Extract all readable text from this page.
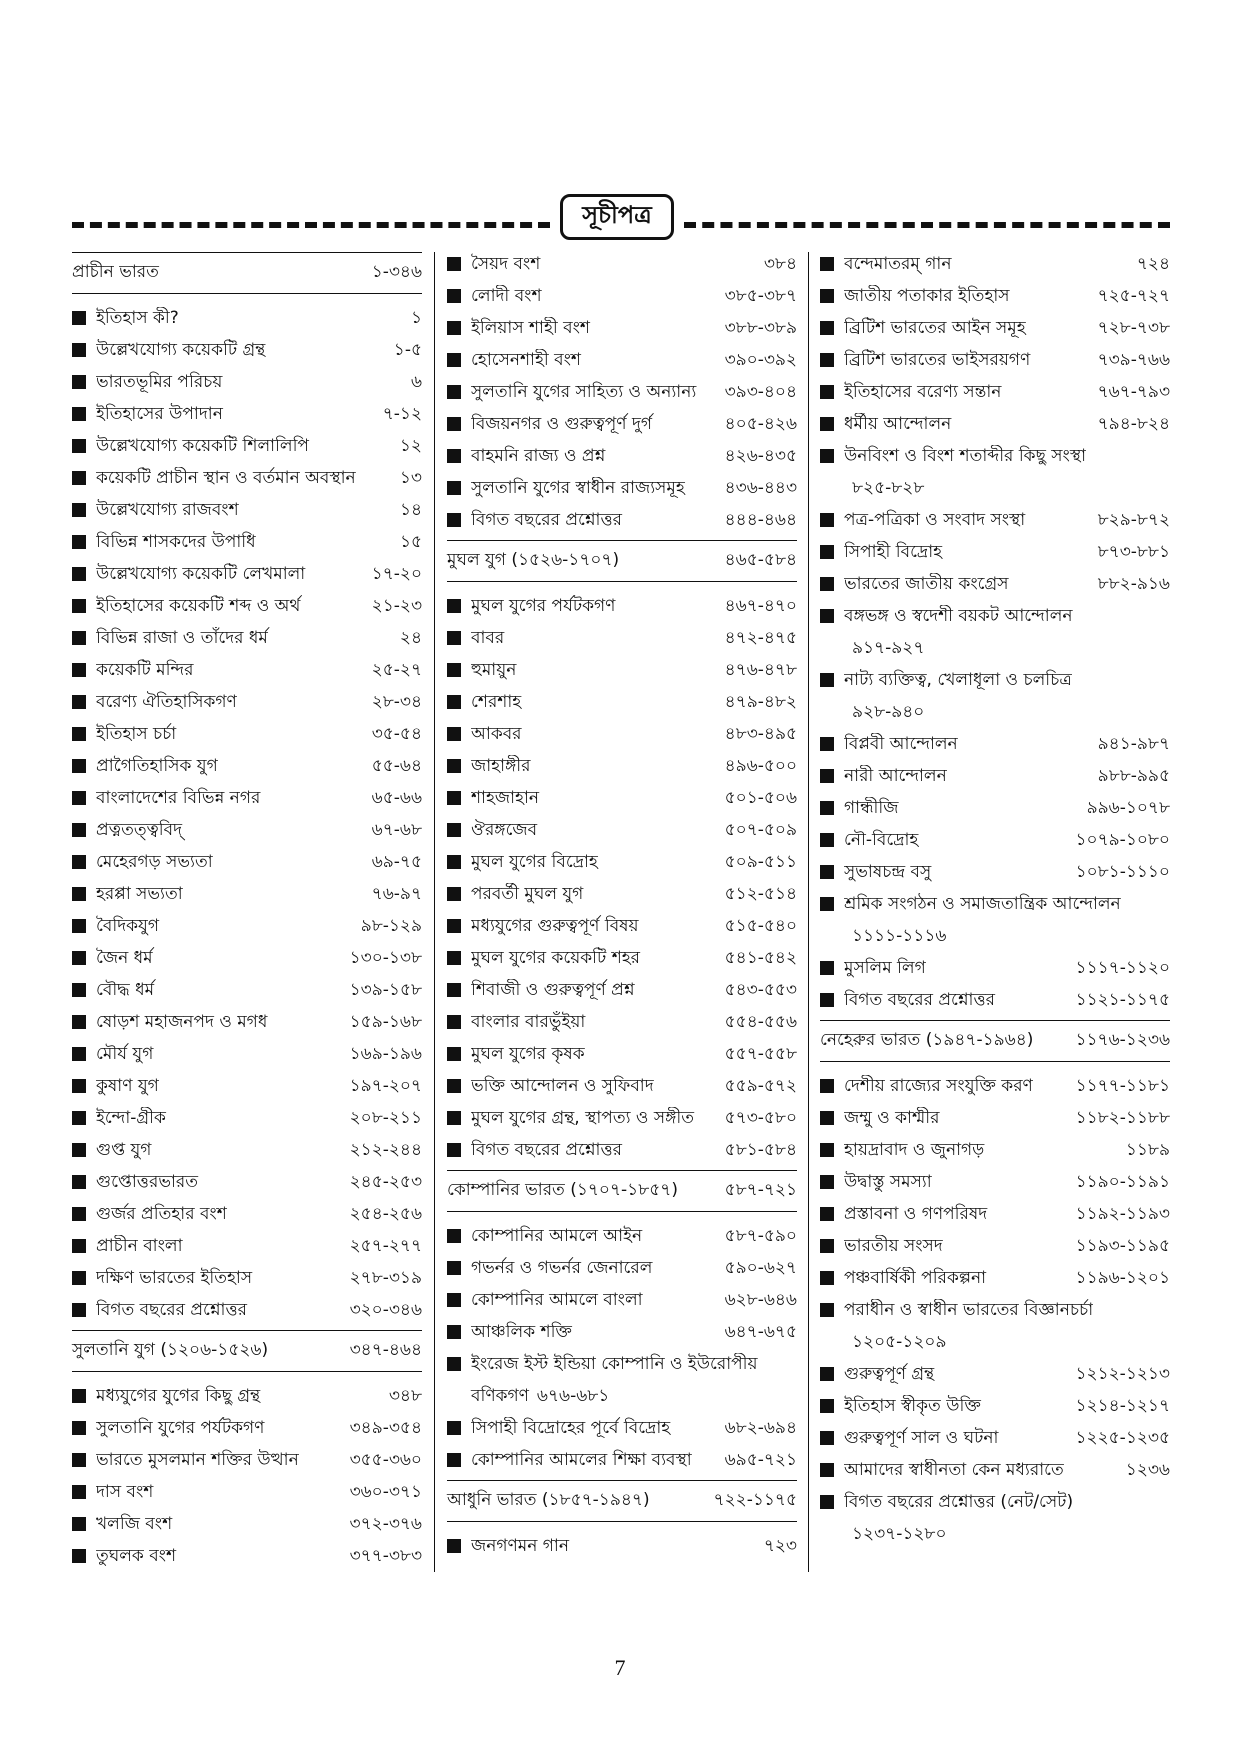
সূচীপত্র
প্রাচীন ভারত	১-৩৪৬
ইতিহাস কী?	১
উল্লেখযোগ্য কয়েকটি গ্রন্থ	১-৫
ভারতভূমির পরিচয়	৬
ইতিহাসের উপাদান	৭-১২
উল্লেখযোগ্য কয়েকটি শিলালিপি	১২
কয়েকটি প্রাচীন স্থান ও বর্তমান অবস্থান	১৩
উল্লেখযোগ্য রাজবংশ	১৪
বিভিন্ন শাসকদের উপাধি	১৫
উল্লেখযোগ্য কয়েকটি লেখমালা	১৭-২০
ইতিহাসের কয়েকটি শব্দ ও অর্থ	২১-২৩
বিভিন্ন রাজা ও তাঁদের ধর্ম	২৪
কয়েকটি মন্দির	২৫-২৭
বরেণ্য ঐতিহাসিকগণ	২৮-৩৪
ইতিহাস চর্চা	৩৫-৫৪
প্রাগৈতিহাসিক যুগ	৫৫-৬৪
বাংলাদেশের বিভিন্ন নগর	৬৫-৬৬
প্রত্নতত্ত্ববিদ্	৬৭-৬৮
মেহেরগড় সভ্যতা	৬৯-৭৫
হরপ্পা সভ্যতা	৭৬-৯৭
বৈদিকযুগ	৯৮-১২৯
জৈন ধর্ম	১৩০-১৩৮
বৌদ্ধ ধর্ম	১৩৯-১৫৮
ষোড়শ মহাজনপদ ও মগধ	১৫৯-১৬৮
মৌর্য যুগ	১৬৯-১৯৬
কুষাণ যুগ	১৯৭-২০৭
ইন্দো-গ্রীক	২০৮-২১১
গুপ্ত যুগ	২১২-২৪৪
গুপ্তোত্তরভারত	২৪৫-২৫৩
গুর্জর প্রতিহার বংশ	২৫৪-২৫৬
প্রাচীন বাংলা	২৫৭-২৭৭
দক্ষিণ ভারতের ইতিহাস	২৭৮-৩১৯
বিগত বছরের প্রশ্নোত্তর	৩২০-৩৪৬
সুলতানি যুগ (১২০৬-১৫২৬)	৩৪৭-৪৬৪
মধ্যযুগের যুগের কিছু গ্রন্থ	৩৪৮
সুলতানি যুগের পর্যটকগণ	৩৪৯-৩৫৪
ভারতে মুসলমান শক্তির উত্থান	৩৫৫-৩৬০
দাস বংশ	৩৬০-৩৭১
খলজি বংশ	৩৭২-৩৭৬
তুঘলক বংশ	৩৭৭-৩৮৩
সৈয়দ বংশ	৩৮৪
লোদী বংশ	৩৮৫-৩৮৭
ইলিয়াস শাহী বংশ	৩৮৮-৩৮৯
হোসেনশাহী বংশ	৩৯০-৩৯২
সুলতানি যুগের সাহিত্য ও অন্যান্য	৩৯৩-৪০৪
বিজয়নগর ও গুরুত্বপূর্ণ দুর্গ	৪০৫-৪২৬
বাহমনি রাজ্য ও প্রশ্ন	৪২৬-৪৩৫
সুলতানি যুগের স্বাধীন রাজ্যসমূহ	৪৩৬-৪৪৩
বিগত বছরের প্রশ্নোত্তর	৪৪৪-৪৬৪
মুঘল যুগ (১৫২৬-১৭০৭)	৪৬৫-৫৮৪
মুঘল যুগের পর্যটকগণ	৪৬৭-৪৭০
বাবর	৪৭২-৪৭৫
হুমায়ুন	৪৭৬-৪৭৮
শেরশাহ	৪৭৯-৪৮২
আকবর	৪৮৩-৪৯৫
জাহাঙ্গীর	৪৯৬-৫০০
শাহজাহান	৫০১-৫০৬
ঔরঙ্গজেব	৫০৭-৫০৯
মুঘল যুগের বিদ্রোহ	৫০৯-৫১১
পরবর্তী মুঘল যুগ	৫১২-৫১৪
মধ্যযুগের গুরুত্বপূর্ণ বিষয়	৫১৫-৫৪০
মুঘল যুগের কয়েকটি শহর	৫৪১-৫৪২
শিবাজী ও গুরুত্বপূর্ণ প্রশ্ন	৫৪৩-৫৫৩
বাংলার বারভুঁইয়া	৫৫৪-৫৫৬
মুঘল যুগের কৃষক	৫৫৭-৫৫৮
ভক্তি আন্দোলন ও সুফিবাদ	৫৫৯-৫৭২
মুঘল যুগের গ্রন্থ, স্থাপত্য ও সঙ্গীত	৫৭৩-৫৮০
বিগত বছরের প্রশ্নোত্তর	৫৮১-৫৮৪
কোম্পানির ভারত (১৭০৭-১৮৫৭)	৫৮৭-৭২১
কোম্পানির আমলে আইন	৫৮৭-৫৯০
গভর্নর ও গভর্নর জেনারেল	৫৯০-৬২৭
কোম্পানির আমলে বাংলা	৬২৮-৬৪৬
আঞ্চলিক শক্তি	৬৪৭-৬৭৫
ইংরেজ ইস্ট ইন্ডিয়া কোম্পানি ও ইউরোপীয়
বণিকগণ ৬৭৬-৬৮১
সিপাহী বিদ্রোহের পূর্বে বিদ্রোহ	৬৮২-৬৯৪
কোম্পানির আমলের শিক্ষা ব্যবস্থা	৬৯৫-৭২১
আধুনি ভারত (১৮৫৭-১৯৪৭)	৭২২-১১৭৫
জনগণমন গান	৭২৩
বন্দেমাতরম্ গান	৭২৪
জাতীয় পতাকার ইতিহাস	৭২৫-৭২৭
ব্রিটিশ ভারতের আইন সমূহ	৭২৮-৭৩৮
ব্রিটিশ ভারতের ভাইসরয়গণ	৭৩৯-৭৬৬
ইতিহাসের বরেণ্য সন্তান	৭৬৭-৭৯৩
ধর্মীয় আন্দোলন	৭৯৪-৮২৪
উনবিংশ ও বিংশ শতাব্দীর কিছু সংস্থা
৮২৫-৮২৮
পত্র-পত্রিকা ও সংবাদ সংস্থা	৮২৯-৮৭২
সিপাহী বিদ্রোহ	৮৭৩-৮৮১
ভারতের জাতীয় কংগ্রেস	৮৮২-৯১৬
বঙ্গভঙ্গ ও স্বদেশী বয়কট আন্দোলন
৯১৭-৯২৭
নাট্য ব্যক্তিত্ব, খেলাধূলা ও চলচিত্র
৯২৮-৯৪০
বিপ্লবী আন্দোলন	৯৪১-৯৮৭
নারী আন্দোলন	৯৮৮-৯৯৫
গান্ধীজি	৯৯৬-১০৭৮
নৌ-বিদ্রোহ	১০৭৯-১০৮০
সুভাষচন্দ্র বসু	১০৮১-১১১০
শ্রমিক সংগঠন ও সমাজতান্ত্রিক আন্দোলন
১১১১-১১১৬
মুসলিম লিগ	১১১৭-১১২০
বিগত বছরের প্রশ্নোত্তর	১১২১-১১৭৫
নেহেরুর ভারত (১৯৪৭-১৯৬৪) ১১৭৬-১২৩৬
দেশীয় রাজ্যের সংযুক্তি করণ	১১৭৭-১১৮১
জম্মু ও কাশ্মীর	১১৮২-১১৮৮
হায়দ্রাবাদ ও জুনাগড়	১১৮৯
উদ্বাস্তু সমস্যা	১১৯০-১১৯১
প্রস্তাবনা ও গণপরিষদ	১১৯২-১১৯৩
ভারতীয় সংসদ	১১৯৩-১১৯৫
পঞ্চবার্ষিকী পরিকল্পনা	১১৯৬-১২০১
পরাধীন ও স্বাধীন ভারতের বিজ্ঞানচর্চা
১২০৫-১২০৯
গুরুত্বপূর্ণ গ্রন্থ	১২১২-১২১৩
ইতিহাস স্বীকৃত উক্তি	১২১৪-১২১৭
গুরুত্বপূর্ণ সাল ও ঘটনা	১২২৫-১২৩৫
আমাদের স্বাধীনতা কেন মধ্যরাতে	১২৩৬
বিগত বছরের প্রশ্নোত্তর (নেট/সেট)
১২৩৭-১২৮০
7
